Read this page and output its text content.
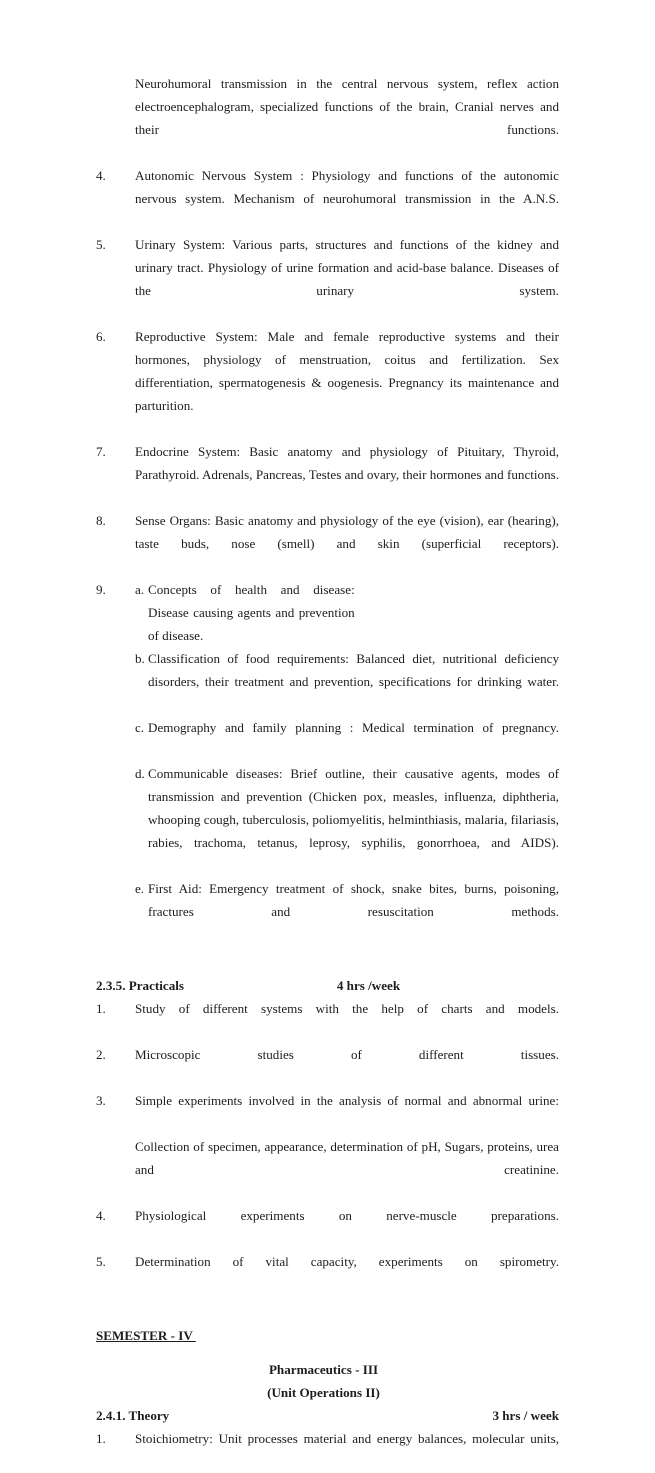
Neurohumoral transmission in the central nervous system, reflex action electroencephalogram, specialized functions of the brain, Cranial nerves and their functions.
4.	Autonomic Nervous System : Physiology and functions of the autonomic nervous system. Mechanism of neurohumoral transmission in the A.N.S.
5.	Urinary System: Various parts, structures and functions of the kidney and urinary tract. Physiology of urine formation and acid-base balance. Diseases of the urinary system.
6.	Reproductive System: Male and female reproductive systems and their hormones, physiology of menstruation, coitus and fertilization. Sex differentiation, spermatogenesis & oogenesis. Pregnancy its maintenance and parturition.
7.	Endocrine System: Basic anatomy and physiology of Pituitary, Thyroid, Parathyroid. Adrenals, Pancreas, Testes and ovary, their hormones and functions.
8.	Sense Organs: Basic anatomy and physiology of the eye (vision), ear (hearing), taste buds, nose (smell) and skin (superficial receptors).
9.	a. Concepts of health and disease: Disease causing agents and prevention of disease.
b. Classification of food requirements: Balanced diet, nutritional deficiency disorders, their treatment and prevention, specifications for drinking water.
c. Demography and family planning : Medical termination of pregnancy.
d. Communicable diseases: Brief outline, their causative agents, modes of transmission and prevention (Chicken pox, measles, influenza, diphtheria, whooping cough, tuberculosis, poliomyelitis, helminthiasis, malaria, filariasis, rabies, trachoma, tetanus, leprosy, syphilis, gonorrhoea, and AIDS).
e. First Aid: Emergency treatment of shock, snake bites, burns, poisoning, fractures and resuscitation methods.
2.3.5. Practicals	4 hrs /week
1.	Study of different systems with the help of charts and models.
2.	Microscopic studies of different tissues.
3.	Simple experiments involved in the analysis of normal and abnormal urine:
Collection of specimen, appearance, determination of pH, Sugars, proteins, urea and creatinine.
4.	Physiological experiments on nerve-muscle preparations.
5.	Determination of vital capacity, experiments on spirometry.
SEMESTER - IV
Pharmaceutics - III
(Unit Operations II)
2.4.1. Theory	3 hrs / week
1.	Stoichiometry: Unit processes material and energy balances, molecular units,
